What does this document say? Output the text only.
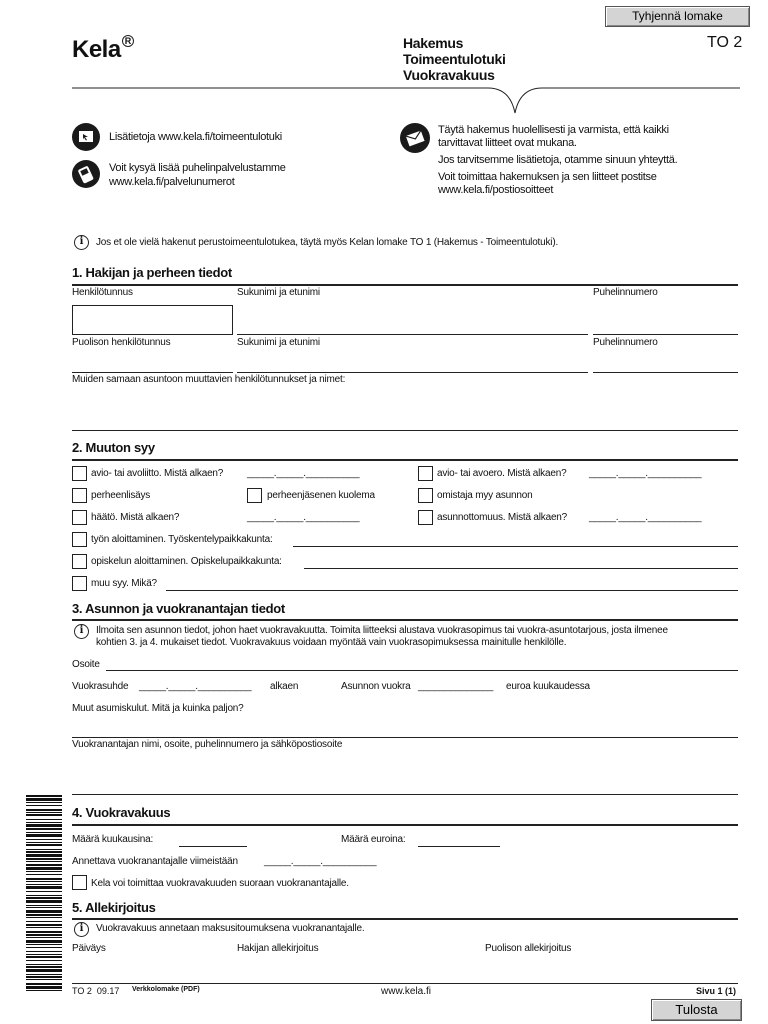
Tyhjennä lomake
Tulosta
Kela $^R$	Hakemus
Toimeentulotuki
Vuokravakuus
TO 2
Lisätietoja www.kela.fi/toimeentulotuki
Voit kysyä lisää puhelinpalvelustamme
www.kela.fi/palvelunumerot
Täytä hakemus huolellisesti ja varmista, että kaikki
tarvittavat liitteet ovat mukana.
Jos tarvitsemme lisätietoja, otamme sinuun yhteyttä.
Voit toimittaa hakemuksen ja sen liitteet postitse
www.kela.fi/postiosoitteet
i	Jos et ole vielä hakenut perustoimeentulotukea, täytä myös Kelan lomake TO 1 (Hakemus - Toimeentulotuki).
1. Hakijan ja perheen tiedot
Henkilötunnus	Sukunimi ja etunimi	Puhelinnumero
Puolison henkilötunnus	Sukunimi ja etunimi	Puhelinnumero
Muiden samaan asuntoon muuttavien henkilötunnukset ja nimet:
2. Muuton syy
avio- tai avoliitto. Mistä alkaen? _____._____.__________	avio- tai avoero. Mistä alkaen? _____._____.__________
perheenlisäys	perheenjäsenen kuolema	omistaja myy asunnon
häätö. Mistä alkaen?	_____._____.__________	asunnottomuus. Mistä alkaen? _____._____.__________
työn aloittaminen. Työskentelypaikkakunta:
opiskelun aloittaminen. Opiskelupaikkakunta:
muu syy. Mikä?
3. Asunnon ja vuokranantajan tiedot
i	Ilmoita sen asunnon tiedot, johon haet vuokravakuutta. Toimita liitteeksi alustava vuokrasopimus tai vuokra-asuntotarjous, josta ilmenee
kohtien 3. ja 4. mukaiset tiedot. Vuokravakuus voidaan myöntää vain vuokrasopimuksessa mainitulle henkilölle.
Osoite
Vuokrasuhde _____._____.__________ alkaen	Asunnon vuokra ______________ euroa kuukaudessa
Muut asumiskulut. Mitä ja kuinka paljon?
Vuokranantajan nimi, osoite, puhelinnumero ja sähköpostiosoite
4. Vuokravakuus
Määrä kuukausina:	Määrä euroina:
Annettava vuokranantajalle viimeistään	_____._____.__________
Kela voi toimittaa vuokravakuuden suoraan vuokranantajalle.
5. Allekirjoitus
i	Vuokravakuus annetaan maksusitoumuksena vuokranantajalle.
Päiväys	Hakijan allekirjoitus	Puolison allekirjoitus
TO 2 09.17 Verkkolomake (PDF)	www.kela.fi	Sivu 1 (1)
